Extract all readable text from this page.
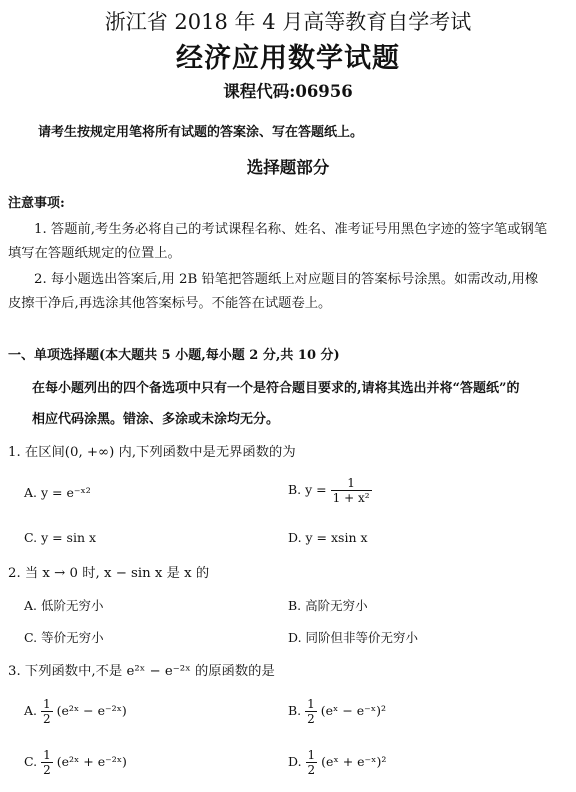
浙江省 2018 年 4 月高等教育自学考试
经济应用数学试题
课程代码:06956
请考生按规定用笔将所有试题的答案涂、写在答题纸上。
选择题部分
注意事项:
1. 答题前,考生务必将自己的考试课程名称、姓名、准考证号用黑色字迹的签字笔或钢笔
填写在答题纸规定的位置上。
2. 每小题选出答案后,用 2B 铅笔把答题纸上对应题目的答案标号涂黑。如需改动,用橡
皮擦干净后,再选涂其他答案标号。不能答在试题卷上。
一、单项选择题(本大题共 5 小题,每小题 2 分,共 10 分)
在每小题列出的四个备选项中只有一个是符合题目要求的,请将其选出并将“答题纸”的
相应代码涂黑。错涂、多涂或未涂均无分。
1. 在区间(0, +∞) 内,下列函数中是无界函数的为
A. y = e⁻ˣ²	B. $y = \frac{1}{\text{1 + x²}}$
C. y = sin x	D. y = xsin x
2. 当 x → 0 时, x − sin x 是 x 的
A. 低阶无穷小	B. 高阶无穷小
C. 等价无穷小	D. 同阶但非等价无穷小
3. 下列函数中,不是 e²ˣ − e⁻²ˣ 的原函数的是
A. $\frac{1}{2}$ (e²ˣ − e⁻²ˣ)	B. $\frac{1}{2}$ (eˣ − e⁻ˣ)²
C. $\frac{1}{2}$ (e²ˣ + e⁻²ˣ)	D. $\frac{1}{2}$ (eˣ + e⁻ˣ)²
